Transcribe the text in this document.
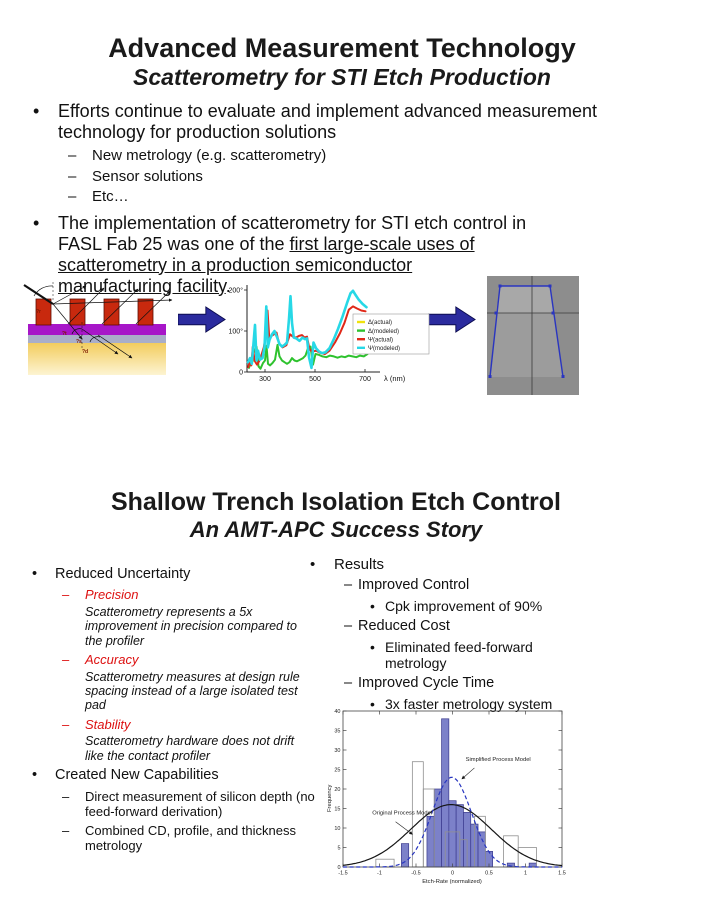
Advanced Measurement Technology
Scatterometry for STI Etch Production
• Efforts continue to evaluate and implement advanced measurement technology for production solutions
– New metrology (e.g. scatterometry)
– Sensor solutions
– Etc…
• The implementation of scatterometry for STI etch control in
FASL Fab 25 was one of the first large-scale uses of
scatterometry in a production semiconductor
manufacturing facility.
?r
?t
?s
?d
0
100°
200°
300	500	700 λ (nm)
Δ(actual)
Δ(modeled)
Ψ(actual)
Ψ(modeled)
Shallow Trench Isolation Etch Control
An AMT-APC Success Story
• Reduced Uncertainty
– Precision
Scatterometry represents a 5x improvement in precision compared to the profiler
– Accuracy
Scatterometry measures at design rule spacing instead of a large isolated test pad
– Stability
Scatterometry hardware does not drift like the contact profiler
• Created New Capabilities
– Direct measurement of silicon depth (no feed-forward derivation)
– Combined CD, profile, and thickness metrology
• Results
– Improved Control
• Cpk improvement of 90%
– Reduced Cost
• Eliminated feed-forward metrology
– Improved Cycle Time
• 3x faster metrology system
0
5
10
15
20
25
30
35
40
-1.5	-1	-0.5	0	0.5	1	1.5
Etch-Rate (normalized)
Frequency
Original Process Model
Simplified Process Model
